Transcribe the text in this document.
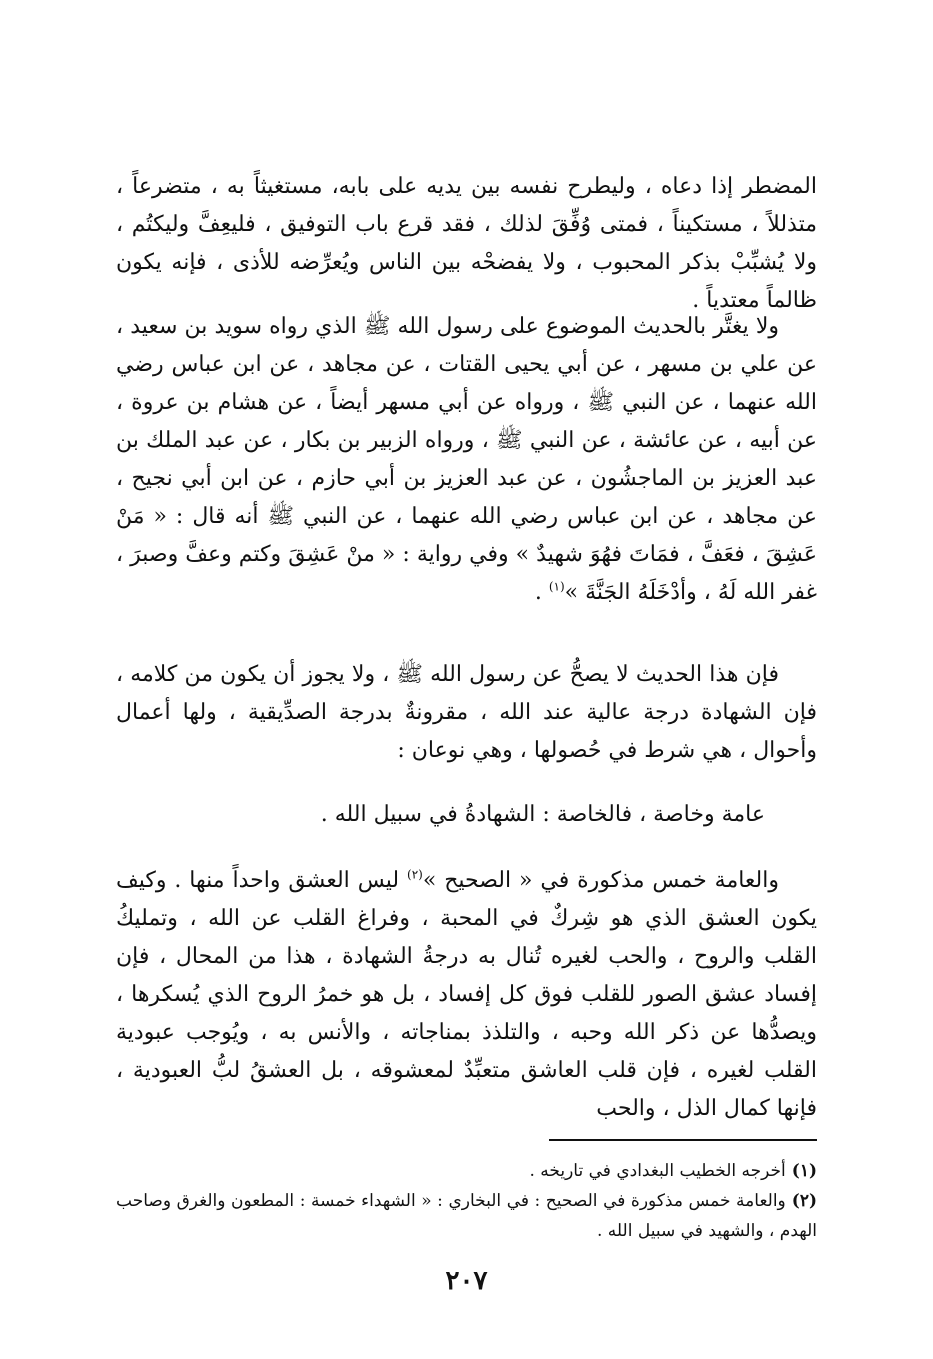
المضطر إذا دعاه ، وليطرح نفسه بين يديه على بابه، مستغيثاً به ، متضرعاً ، متذللاً ، مستكيناً ، فمتى وُفِّقَ لذلك ، فقد قرع باب التوفيق ، فليعِفَّ وليكتُم ، ولا يُشبِّبْ بذكر المحبوب ، ولا يفضحْه بين الناس ويُعرِّضه للأذى ، فإنه يكون ظالماً معتدياً .

ولا يغتَّر بالحديث الموضوع على رسول الله ﷺ الذي رواه سويد بن سعيد ، عن علي بن مسهر ، عن أبي يحيى القتات ، عن مجاهد ، عن ابن عباس رضي الله عنهما ، عن النبي ﷺ ، ورواه عن أبي مسهر أيضاً ، عن هشام بن عروة ، عن أبيه ، عن عائشة ، عن النبي ﷺ ، ورواه الزبير بن بكار ، عن عبد الملك بن عبد العزيز بن الماجشُون ، عن عبد العزيز بن أبي حازم ، عن ابن أبي نجيح ، عن مجاهد ، عن ابن عباس رضي الله عنهما ، عن النبي ﷺ أنه قال : « مَنْ عَشِقَ ، فعَفَّ ، فمَاتَ فهُوَ شهيدٌ » وفي رواية : « منْ عَشِقَ وكتم وعفَّ وصبرَ ، غفر الله لَهُ ، وأدْخَلَهُ الجَنَّةَ »$^{(١)}$ .

فإن هذا الحديث لا يصحُّ عن رسول الله ﷺ ، ولا يجوز أن يكون من كلامه ، فإن الشهادة درجة عالية عند الله ، مقرونةٌ بدرجة الصدِّيقية ، ولها أعمال وأحوال ، هي شرط في حُصولها ، وهي نوعان :

عامة وخاصة ، فالخاصة : الشهادةُ في سبيل الله .

والعامة خمس مذكورة في « الصحيح »$^{(٢)}$ ليس العشق واحداً منها . وكيف يكون العشق الذي هو شِركٌ في المحبة ، وفراغ القلب عن الله ، وتمليكُ القلب والروح ، والحب لغيره تُنال به درجةُ الشهادة ، هذا من المحال ، فإن إفساد عشق الصور للقلب فوق كل إفساد ، بل هو خمرُ الروح الذي يُسكرها ، ويصدُّها عن ذكر الله وحبه ، والتلذذ بمناجاته ، والأنس به ، ويُوجب عبودية القلب لغيره ، فإن قلب العاشق متعبِّدٌ لمعشوقه ، بل العشقُ لبُّ العبودية ، فإنها كمال الذل ، والحب

(١)أخرجه الخطيب البغدادي في تاريخه .

(٢)والعامة خمس مذكورة في الصحيح : في البخاري : « الشهداء خمسة : المطعون والغرق وصاحب الهدم ، والشهيد في سبيل الله .

٢٠٧
